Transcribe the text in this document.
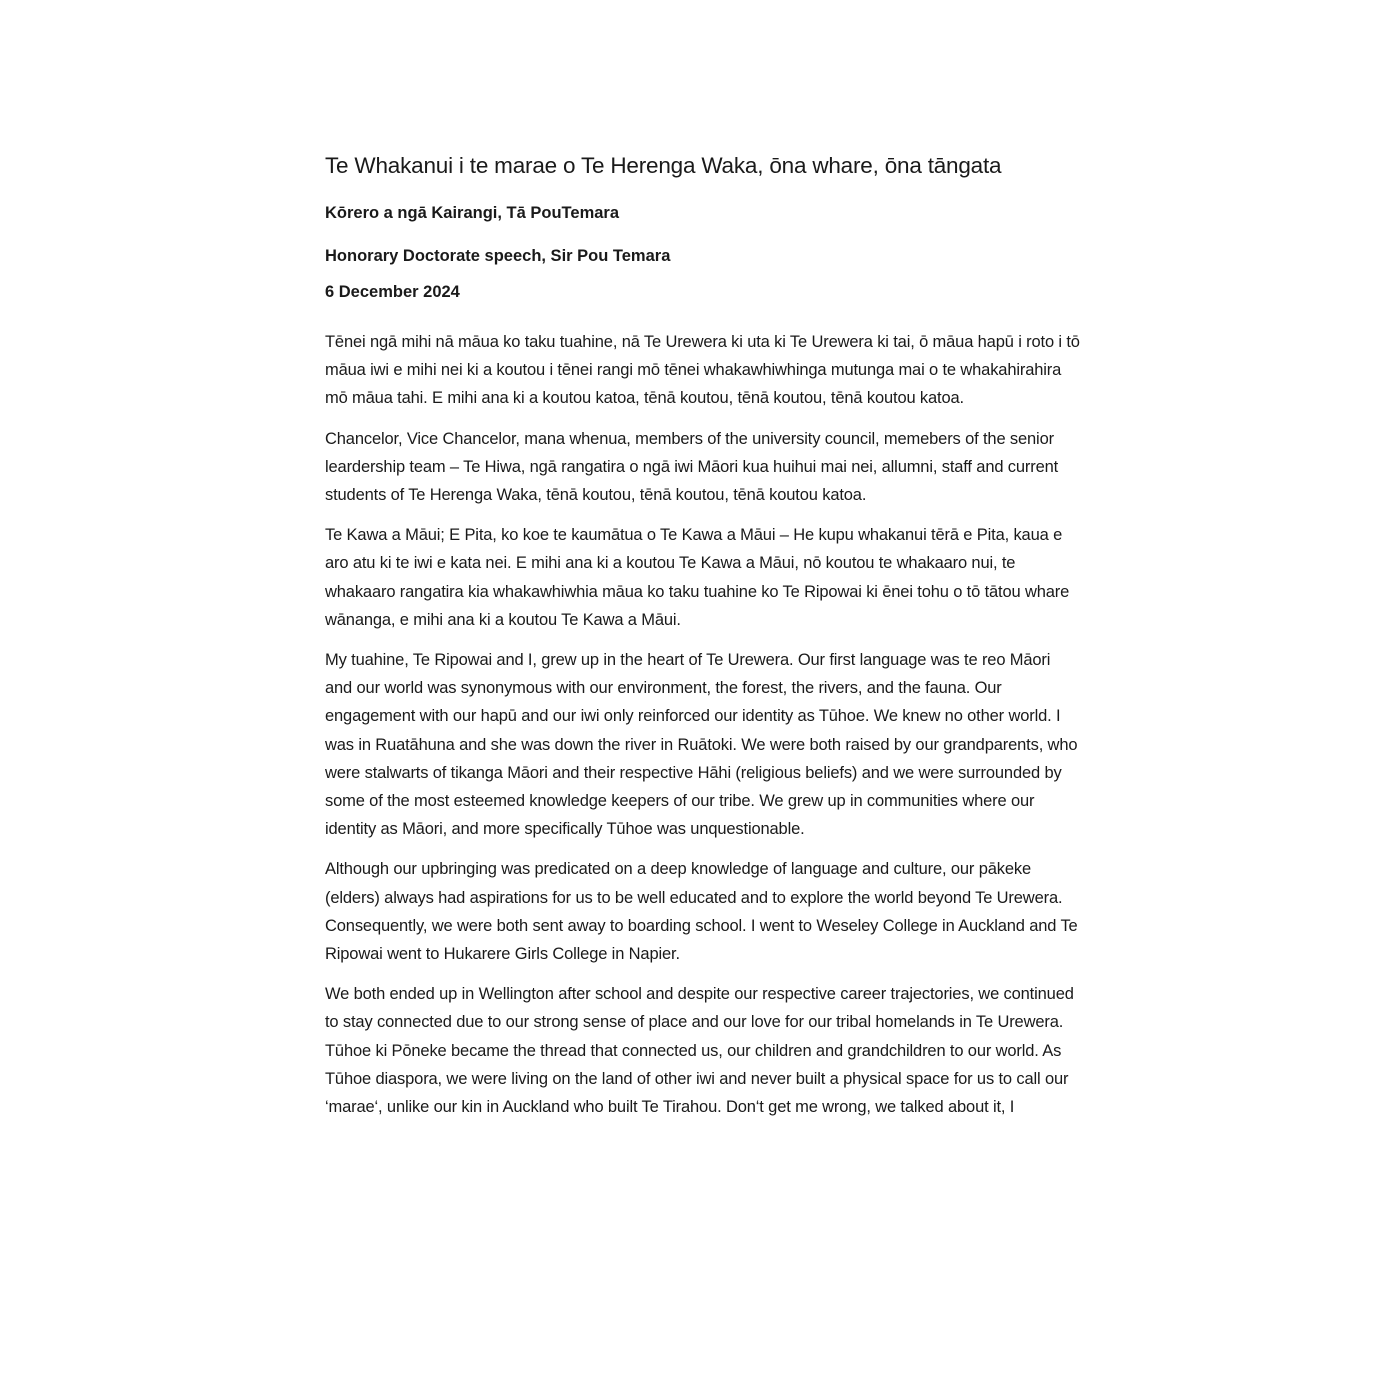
Te Whakanui i te marae o Te Herenga Waka, ōna whare, ōna tāngata

Kōrero a ngā Kairangi, Tā PouTemara

Honorary Doctorate speech, Sir Pou Temara

6 December 2024

Tēnei ngā mihi nā māua ko taku tuahine, nā Te Urewera ki uta ki Te Urewera ki tai, ō māua hapū i roto i tō māua iwi e mihi nei ki a koutou i tēnei rangi mō tēnei whakawhiwhinga mutunga mai o te whakahirahira mō māua tahi. E mihi ana ki a koutou katoa, tēnā koutou, tēnā koutou, tēnā koutou katoa.

Chancelor, Vice Chancelor, mana whenua, members of the university council, memebers of the senior leardership team – Te Hiwa, ngā rangatira o ngā iwi Māori kua huihui mai nei, allumni, staff and current students of Te Herenga Waka, tēnā koutou, tēnā koutou, tēnā koutou katoa.

Te Kawa a Māui; E Pita, ko koe te kaumātua o Te Kawa a Māui – He kupu whakanui tērā e Pita, kaua e aro atu ki te iwi e kata nei. E mihi ana ki a koutou Te Kawa a Māui, nō koutou te whakaaro nui, te whakaaro rangatira kia whakawhiwhia māua ko taku tuahine ko Te Ripowai ki ēnei tohu o tō tātou whare wānanga, e mihi ana ki a koutou Te Kawa a Māui.

My tuahine, Te Ripowai and I, grew up in the heart of Te Urewera. Our first language was te reo Māori and our world was synonymous with our environment, the forest, the rivers, and the fauna. Our engagement with our hapū and our iwi only reinforced our identity as Tūhoe. We knew no other world. I was in Ruatāhuna and she was down the river in Ruātoki. We were both raised by our grandparents, who were stalwarts of tikanga Māori and their respective Hāhi (religious beliefs) and we were surrounded by some of the most esteemed knowledge keepers of our tribe. We grew up in communities where our identity as Māori, and more specifically Tūhoe was unquestionable.

Although our upbringing was predicated on a deep knowledge of language and culture, our pākeke (elders) always had aspirations for us to be well educated and to explore the world beyond Te Urewera. Consequently, we were both sent away to boarding school. I went to Weseley College in Auckland and Te Ripowai went to Hukarere Girls College in Napier.

We both ended up in Wellington after school and despite our respective career trajectories, we continued to stay connected due to our strong sense of place and our love for our tribal homelands in Te Urewera. Tūhoe ki Pōneke became the thread that connected us, our children and grandchildren to our world. As Tūhoe diaspora, we were living on the land of other iwi and never built a physical space for us to call our ‘marae‘, unlike our kin in Auckland who built Te Tirahou. Don‘t get me wrong, we talked about it, I
